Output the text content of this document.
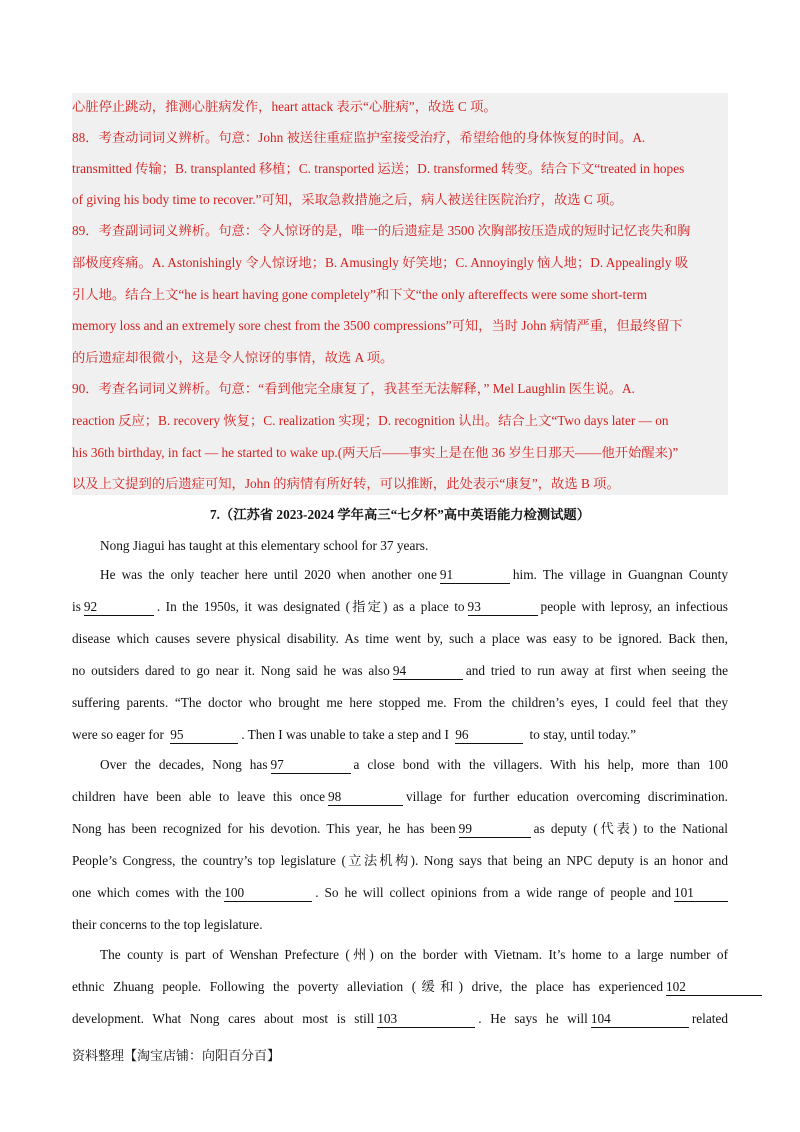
心脏停止跳动，推测心脏病发作，heart attack 表示“心脏病”，故选 C 项。
88．考查动词词义辨析。句意：John 被送往重症监护室接受治疗，希望给他的身体恢复的时间。A.
transmitted 传输；B. transplanted 移植；C. transported 运送；D. transformed 转变。结合下文“treated in hopes
of giving his body time to recover.”可知，采取急救措施之后，病人被送往医院治疗，故选 C 项。
89．考查副词词义辨析。句意：令人惊讶的是，唯一的后遗症是 3500 次胸部按压造成的短时记忆丧失和胸
部极度疼痛。A. Astonishingly 令人惊讶地；B. Amusingly 好笑地；C. Annoyingly 恼人地；D. Appealingly 吸
引人地。结合上文“he is heart having gone completely”和下文“the only aftereffects were some short-term
memory loss and an extremely sore chest from the 3500 compressions”可知，当时 John 病情严重，但最终留下
的后遗症却很微小，这是令人惊讶的事情，故选 A 项。
90．考查名词词义辨析。句意：“看到他完全康复了，我甚至无法解释，” Mel Laughlin 医生说。A.
reaction 反应；B. recovery 恢复；C. realization 实现；D. recognition 认出。结合上文“Two days later — on
his 36th birthday, in fact — he started to wake up.(两天后——事实上是在他 36 岁生日那天——他开始醒来)”
以及上文提到的后遗症可知，John 的病情有所好转，可以推断，此处表示“康复”，故选 B 项。
7.（江苏省 2023-2024 学年高三“七夕杯”高中英语能力检测试题）
Nong Jiagui has taught at this elementary school for 37 years.
He was the only teacher here until 2020 when another one 91	him. The village in Guangnan County
is 92	. In the 1950s, it was designated (指定) as a place to 93	people with leprosy, an infectious
disease which causes severe physical disability. As time went by, such a place was easy to be ignored. Back then,
no outsiders dared to go near it. Nong said he was also 94	and tried to run away at first when seeing the
suffering parents. “The doctor who brought me here stopped me. From the children’s eyes, I could feel that they
were so eager for 95	. Then I was unable to take a step and I 96	to stay, until today.”
Over the decades, Nong has 97	a close bond with the villagers. With his help, more than 100
children have been able to leave this once 98	village for further education overcoming discrimination.
Nong has been recognized for his devotion. This year, he has been 99	as deputy (代表) to the National
People’s Congress, the country’s top legislature (立法机构). Nong says that being an NPC deputy is an honor and
one which comes with the 100	. So he will collect opinions from a wide range of people and 101
their concerns to the top legislature.
The county is part of Wenshan Prefecture (州) on the border with Vietnam. It’s home to a large number of
ethnic Zhuang people. Following the poverty alleviation (缓和) drive, the place has experienced 102
development. What Nong cares about most is still 103	. He says he will 104	related
资料整理【淘宝店铺：向阳百分百】
